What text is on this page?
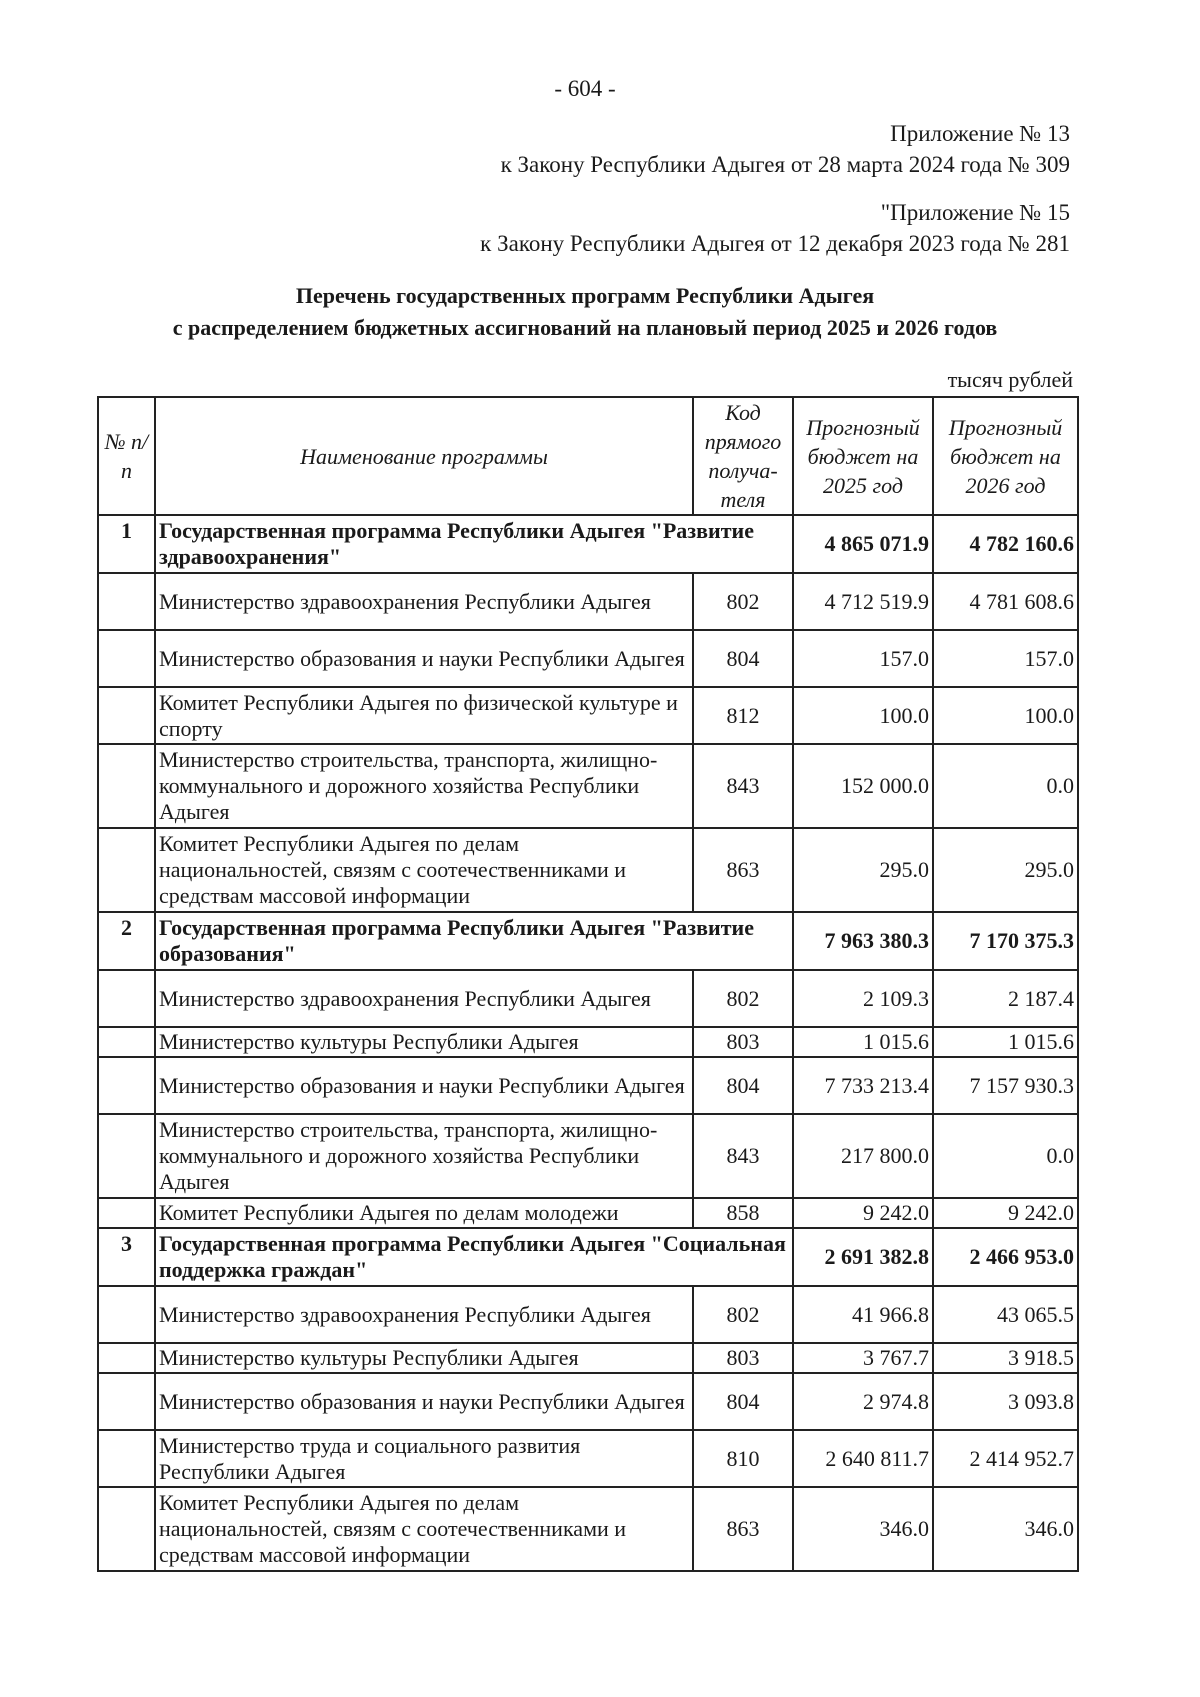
- 604 -
Приложение № 13
к Закону Республики Адыгея от 28 марта 2024 года № 309
"Приложение № 15
к Закону Республики Адыгея от 12 декабря 2023 года № 281
Перечень государственных программ Республики Адыгея
с распределением бюджетных ассигнований на плановый период 2025 и 2026 годов
тысяч рублей
№ п/п	Наименование программы	Код прямого получа-теля	Прогнозный бюджет на 2025 год	Прогнозный бюджет на 2026 год
1	Государственная программа Республики Адыгея "Развитие здравоохранения"		4 865 071.9	4 782 160.6
	Министерство здравоохранения Республики Адыгея	802	4 712 519.9	4 781 608.6
	Министерство образования и науки Республики Адыгея	804	157.0	157.0
	Комитет Республики Адыгея по физической культуре и спорту	812	100.0	100.0
	Министерство строительства, транспорта, жилищно-коммунального и дорожного хозяйства Республики Адыгея	843	152 000.0	0.0
	Комитет Республики Адыгея по делам национальностей, связям с соотечественниками и средствам массовой информации	863	295.0	295.0
2	Государственная программа Республики Адыгея "Развитие образования"		7 963 380.3	7 170 375.3
	Министерство здравоохранения Республики Адыгея	802	2 109.3	2 187.4
	Министерство культуры Республики Адыгея	803	1 015.6	1 015.6
	Министерство образования и науки Республики Адыгея	804	7 733 213.4	7 157 930.3
	Министерство строительства, транспорта, жилищно-коммунального и дорожного хозяйства Республики Адыгея	843	217 800.0	0.0
	Комитет Республики Адыгея по делам молодежи	858	9 242.0	9 242.0
3	Государственная программа Республики Адыгея "Социальная поддержка граждан"		2 691 382.8	2 466 953.0
	Министерство здравоохранения Республики Адыгея	802	41 966.8	43 065.5
	Министерство культуры Республики Адыгея	803	3 767.7	3 918.5
	Министерство образования и науки Республики Адыгея	804	2 974.8	3 093.8
	Министерство труда и социального развития Республики Адыгея	810	2 640 811.7	2 414 952.7
	Комитет Республики Адыгея по делам национальностей, связям с соотечественниками и средствам массовой информации	863	346.0	346.0
